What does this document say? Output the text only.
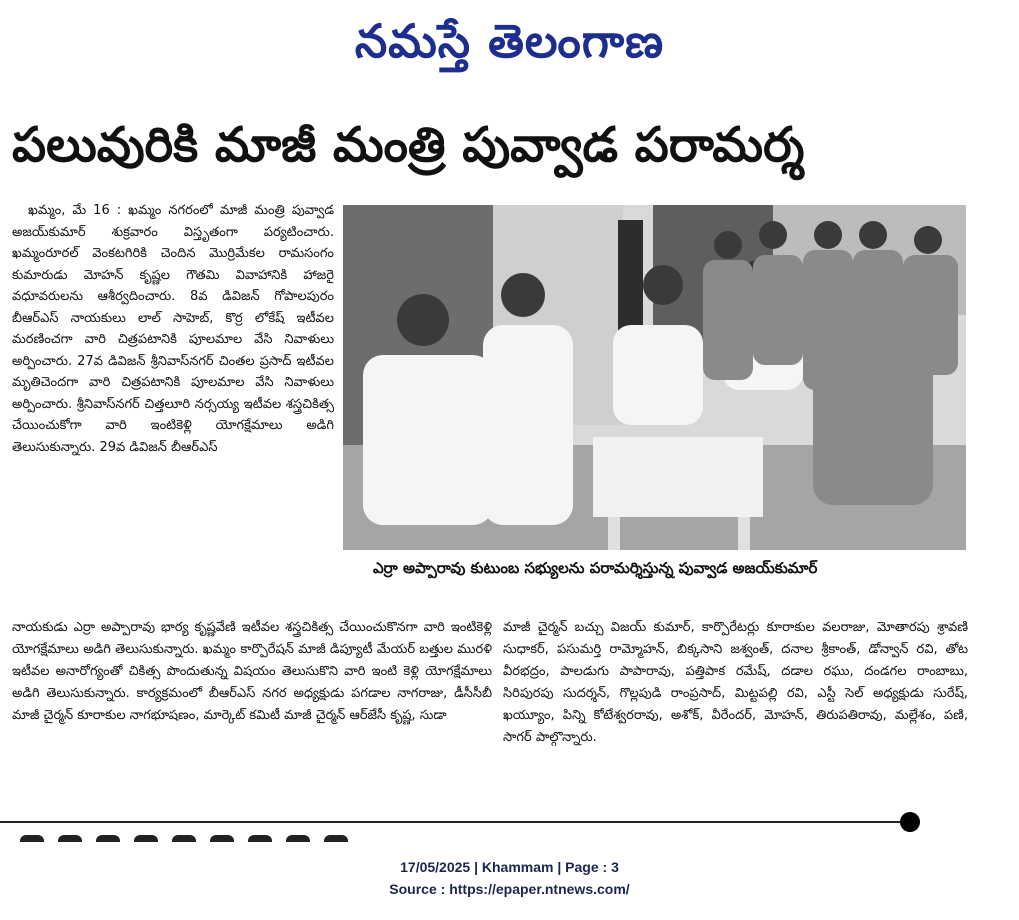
నమస్తే తెలంగాణ
పలువురికి మాజీ మంత్రి పువ్వాడ పరామర్శ

ఖమ్మం, మే 16 : ఖమ్మం నగరంలో మాజీ మంత్రి పువ్వాడ అజయ్‌కుమార్ శుక్రవారం విస్తృతంగా పర్యటించారు. ఖమ్మంరూరల్ వెంకటగిరికి చెందిన మొర్రిమేకల రామసంగం కుమారుడు మోహన్ కృష్ణల గౌతమి వివాహానికి హాజరై వధూవరులను ఆశీర్వదించారు. 8వ డివిజన్ గోపాలపురం బీఆర్‌ఎస్ నాయకులు లాల్ సాహెబ్, కొర్ర లోకేష్ ఇటీవల మరణించగా వారి చిత్రపటానికి పూలమాల వేసి నివాళులు అర్పించారు. 27వ డివిజన్ శ్రీనివాస్‌నగర్ చింతల ప్రసాద్ ఇటీవల మృతిచెందగా వారి చిత్రపటానికి పూలమాల వేసి నివాళులు అర్పించారు. శ్రీనివాస్‌నగర్ చిత్తలూరి నర్సయ్య ఇటీవల శస్త్రచికిత్స చేయించుకోగా వారి ఇంటికెళ్లి యోగక్షేమాలు అడిగి తెలుసుకున్నారు. 29వ డివిజన్ బీఆర్‌ఎస్

ఎర్రా అప్పారావు కుటుంబ సభ్యులను పరామర్శిస్తున్న పువ్వాడ అజయ్‌కుమార్

నాయకుడు ఎర్రా అప్పారావు భార్య కృష్ణవేణి ఇటీవల శస్త్రచికిత్స చేయించుకొనగా వారి ఇంటికెళ్లి యోగక్షేమాలు అడిగి తెలుసుకున్నారు. ఖమ్మం కార్పొరేషన్ మాజీ డిప్యూటీ మేయర్ బత్తుల మురళి ఇటీవల అనారోగ్యంతో చికిత్స పొందుతున్న విషయం తెలుసుకొని వారి ఇంటి కెళ్లి యోగక్షేమాలు అడిగి తెలుసుకున్నారు. కార్యక్రమంలో బీఆర్‌ఎస్ నగర అధ్యక్షుడు పగడాల నాగరాజు, డీసీసీబీ మాజీ చైర్మన్ కూరాకుల నాగభూషణం, మార్కెట్ కమిటీ మాజీ చైర్మన్ ఆర్‌జేసీ కృష్ణ, సుడా

మాజీ చైర్మన్ బచ్చు విజయ్ కుమార్, కార్పొరేటర్లు కూరాకుల వలరాజు, మోతారపు శ్రావణి సుధాకర్, పసుమర్తి రామ్మోహన్, బిక్కసాని జశ్వంత్, దనాల శ్రీకాంత్, డోన్వాన్ రవి, తోట వీరభద్రం, పాలడుగు పాపారావు, పత్తిపాక రమేష్, దడాల రఘు, దండగల రాంబాబు, సిరిపురపు సుదర్శన్, గొల్లపుడి రాంప్రసాద్, మిట్టపల్లి రవి, ఎస్టీ సెల్ అధ్యక్షుడు సురేష్, ఖయ్యూం, పిన్ని కోటేశ్వరరావు, అశోక్, వీరేందర్, మోహన్, తిరుపతిరావు, మల్లేశం, పణి, సాగర్ పాల్గొన్నారు.

17/05/2025 | Khammam | Page : 3
Source : https://epaper.ntnews.com/
